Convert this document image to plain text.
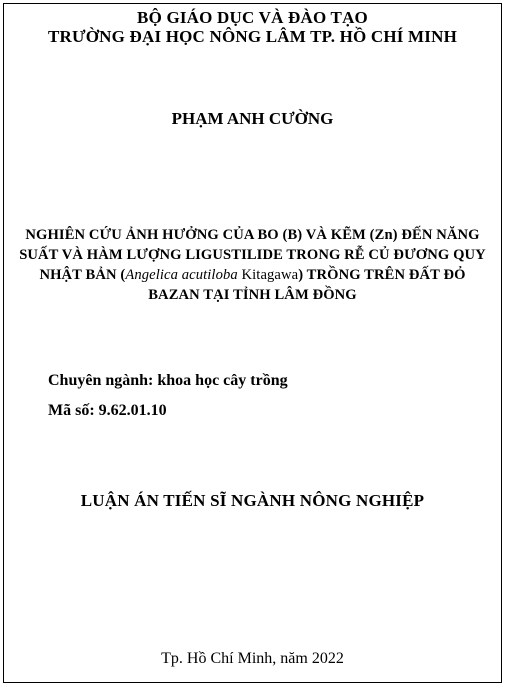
BỘ GIÁO DỤC VÀ ĐÀO TẠO
TRƯỜNG ĐẠI HỌC NÔNG LÂM TP. HỒ CHÍ MINH
PHẠM ANH CƯỜNG
NGHIÊN CỨU ẢNH HƯỞNG CỦA BO (B) VÀ KẼM (Zn) ĐẾN NĂNG
SUẤT VÀ HÀM LƯỢNG LIGUSTILIDE TRONG RỄ CỦ ĐƯƠNG QUY
NHẬT BẢN (Angelica acutiloba Kitagawa) TRỒNG TRÊN ĐẤT ĐỎ
BAZAN TẠI TỈNH LÂM ĐỒNG
Chuyên ngành: khoa học cây trồng
Mã số: 9.62.01.10
LUẬN ÁN TIẾN SĨ NGÀNH NÔNG NGHIỆP
Tp. Hồ Chí Minh, năm 2022
